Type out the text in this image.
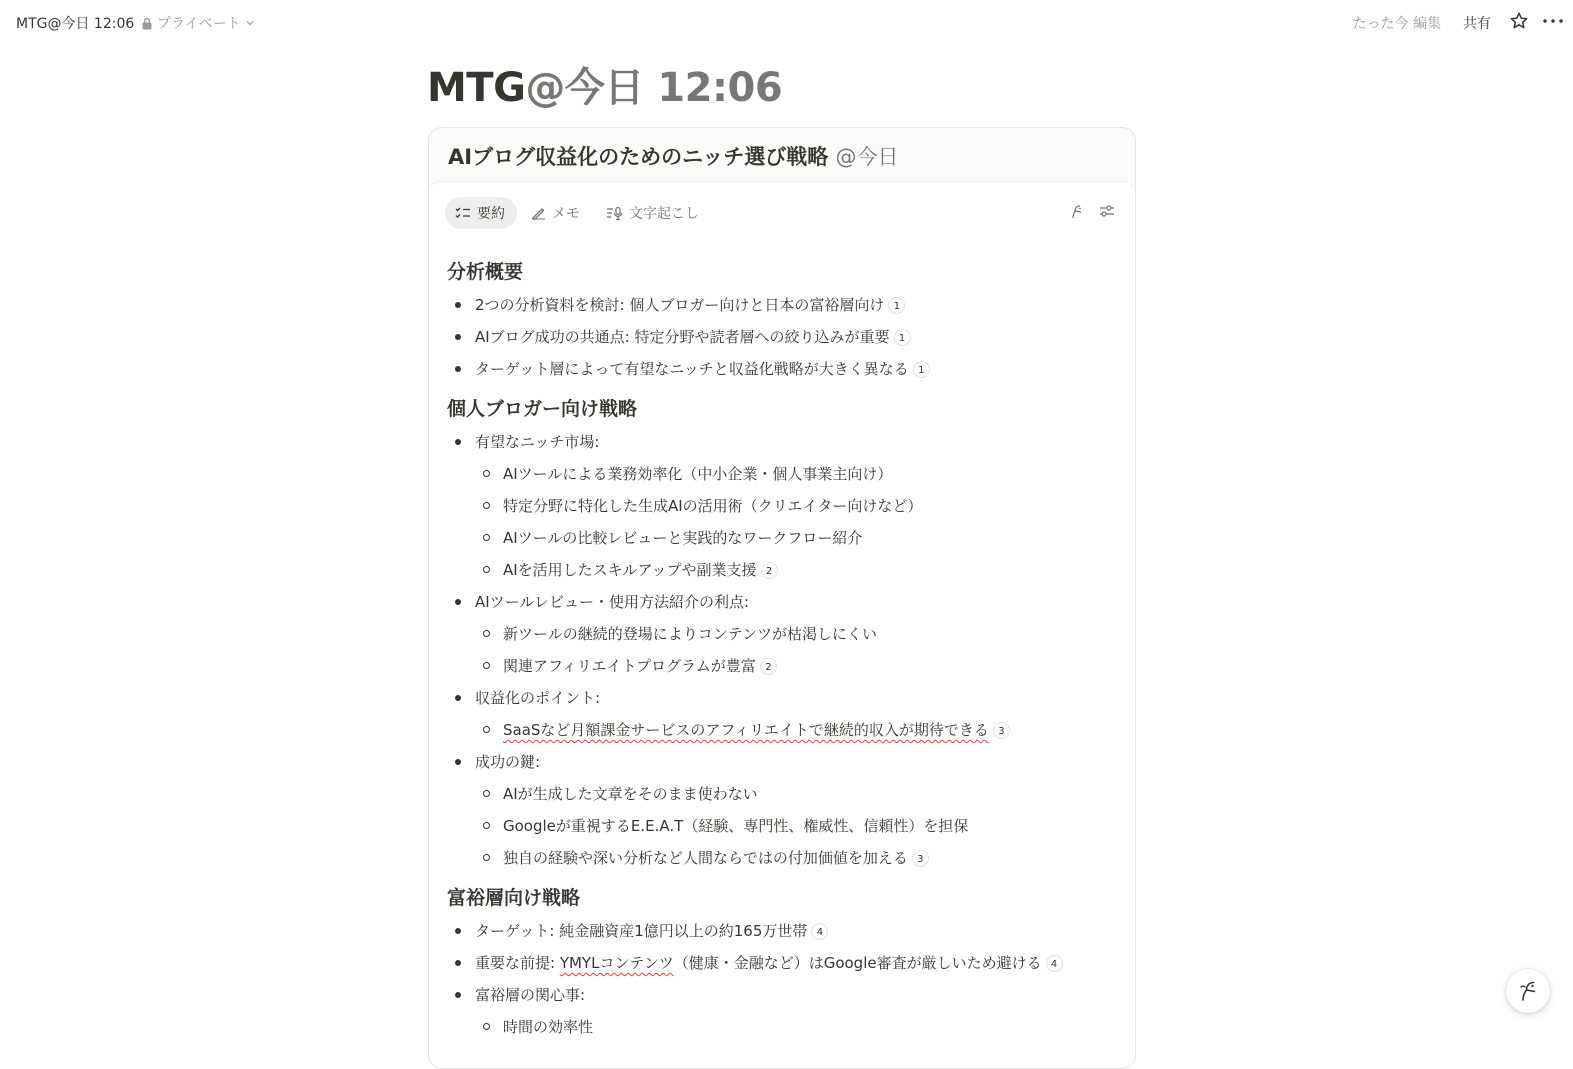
MTG@今日 12:06 プライベート	たった今 編集 共有
MTG@今日 12:06
AIブログ収益化のためのニッチ選び戦略 @今日
要約	メモ	文字起こし
分析概要
2つの分析資料を検討: 個人ブロガー向けと日本の富裕層向け 1
AIブログ成功の共通点: 特定分野や読者層への絞り込みが重要 1
ターゲット層によって有望なニッチと収益化戦略が大きく異なる 1
個人ブロガー向け戦略
有望なニッチ市場:
AIツールによる業務効率化（中小企業・個人事業主向け）
特定分野に特化した生成AIの活用術（クリエイター向けなど）
AIツールの比較レビューと実践的なワークフロー紹介
AIを活用したスキルアップや副業支援 2
AIツールレビュー・使用方法紹介の利点:
新ツールの継続的登場によりコンテンツが枯渇しにくい
関連アフィリエイトプログラムが豊富 2
収益化のポイント:
SaaSなど月額課金サービスのアフィリエイトで継続的収入が期待できる 3
成功の鍵:
AIが生成した文章をそのまま使わない
Googleが重視するE.E.A.T（経験、専門性、権威性、信頼性）を担保
独自の経験や深い分析など人間ならではの付加価値を加える 3
富裕層向け戦略
ターゲット: 純金融資産1億円以上の約165万世帯 4
重要な前提: YMYLコンテンツ（健康・金融など）はGoogle審査が厳しいため避ける 4
富裕層の関心事:
時間の効率性
